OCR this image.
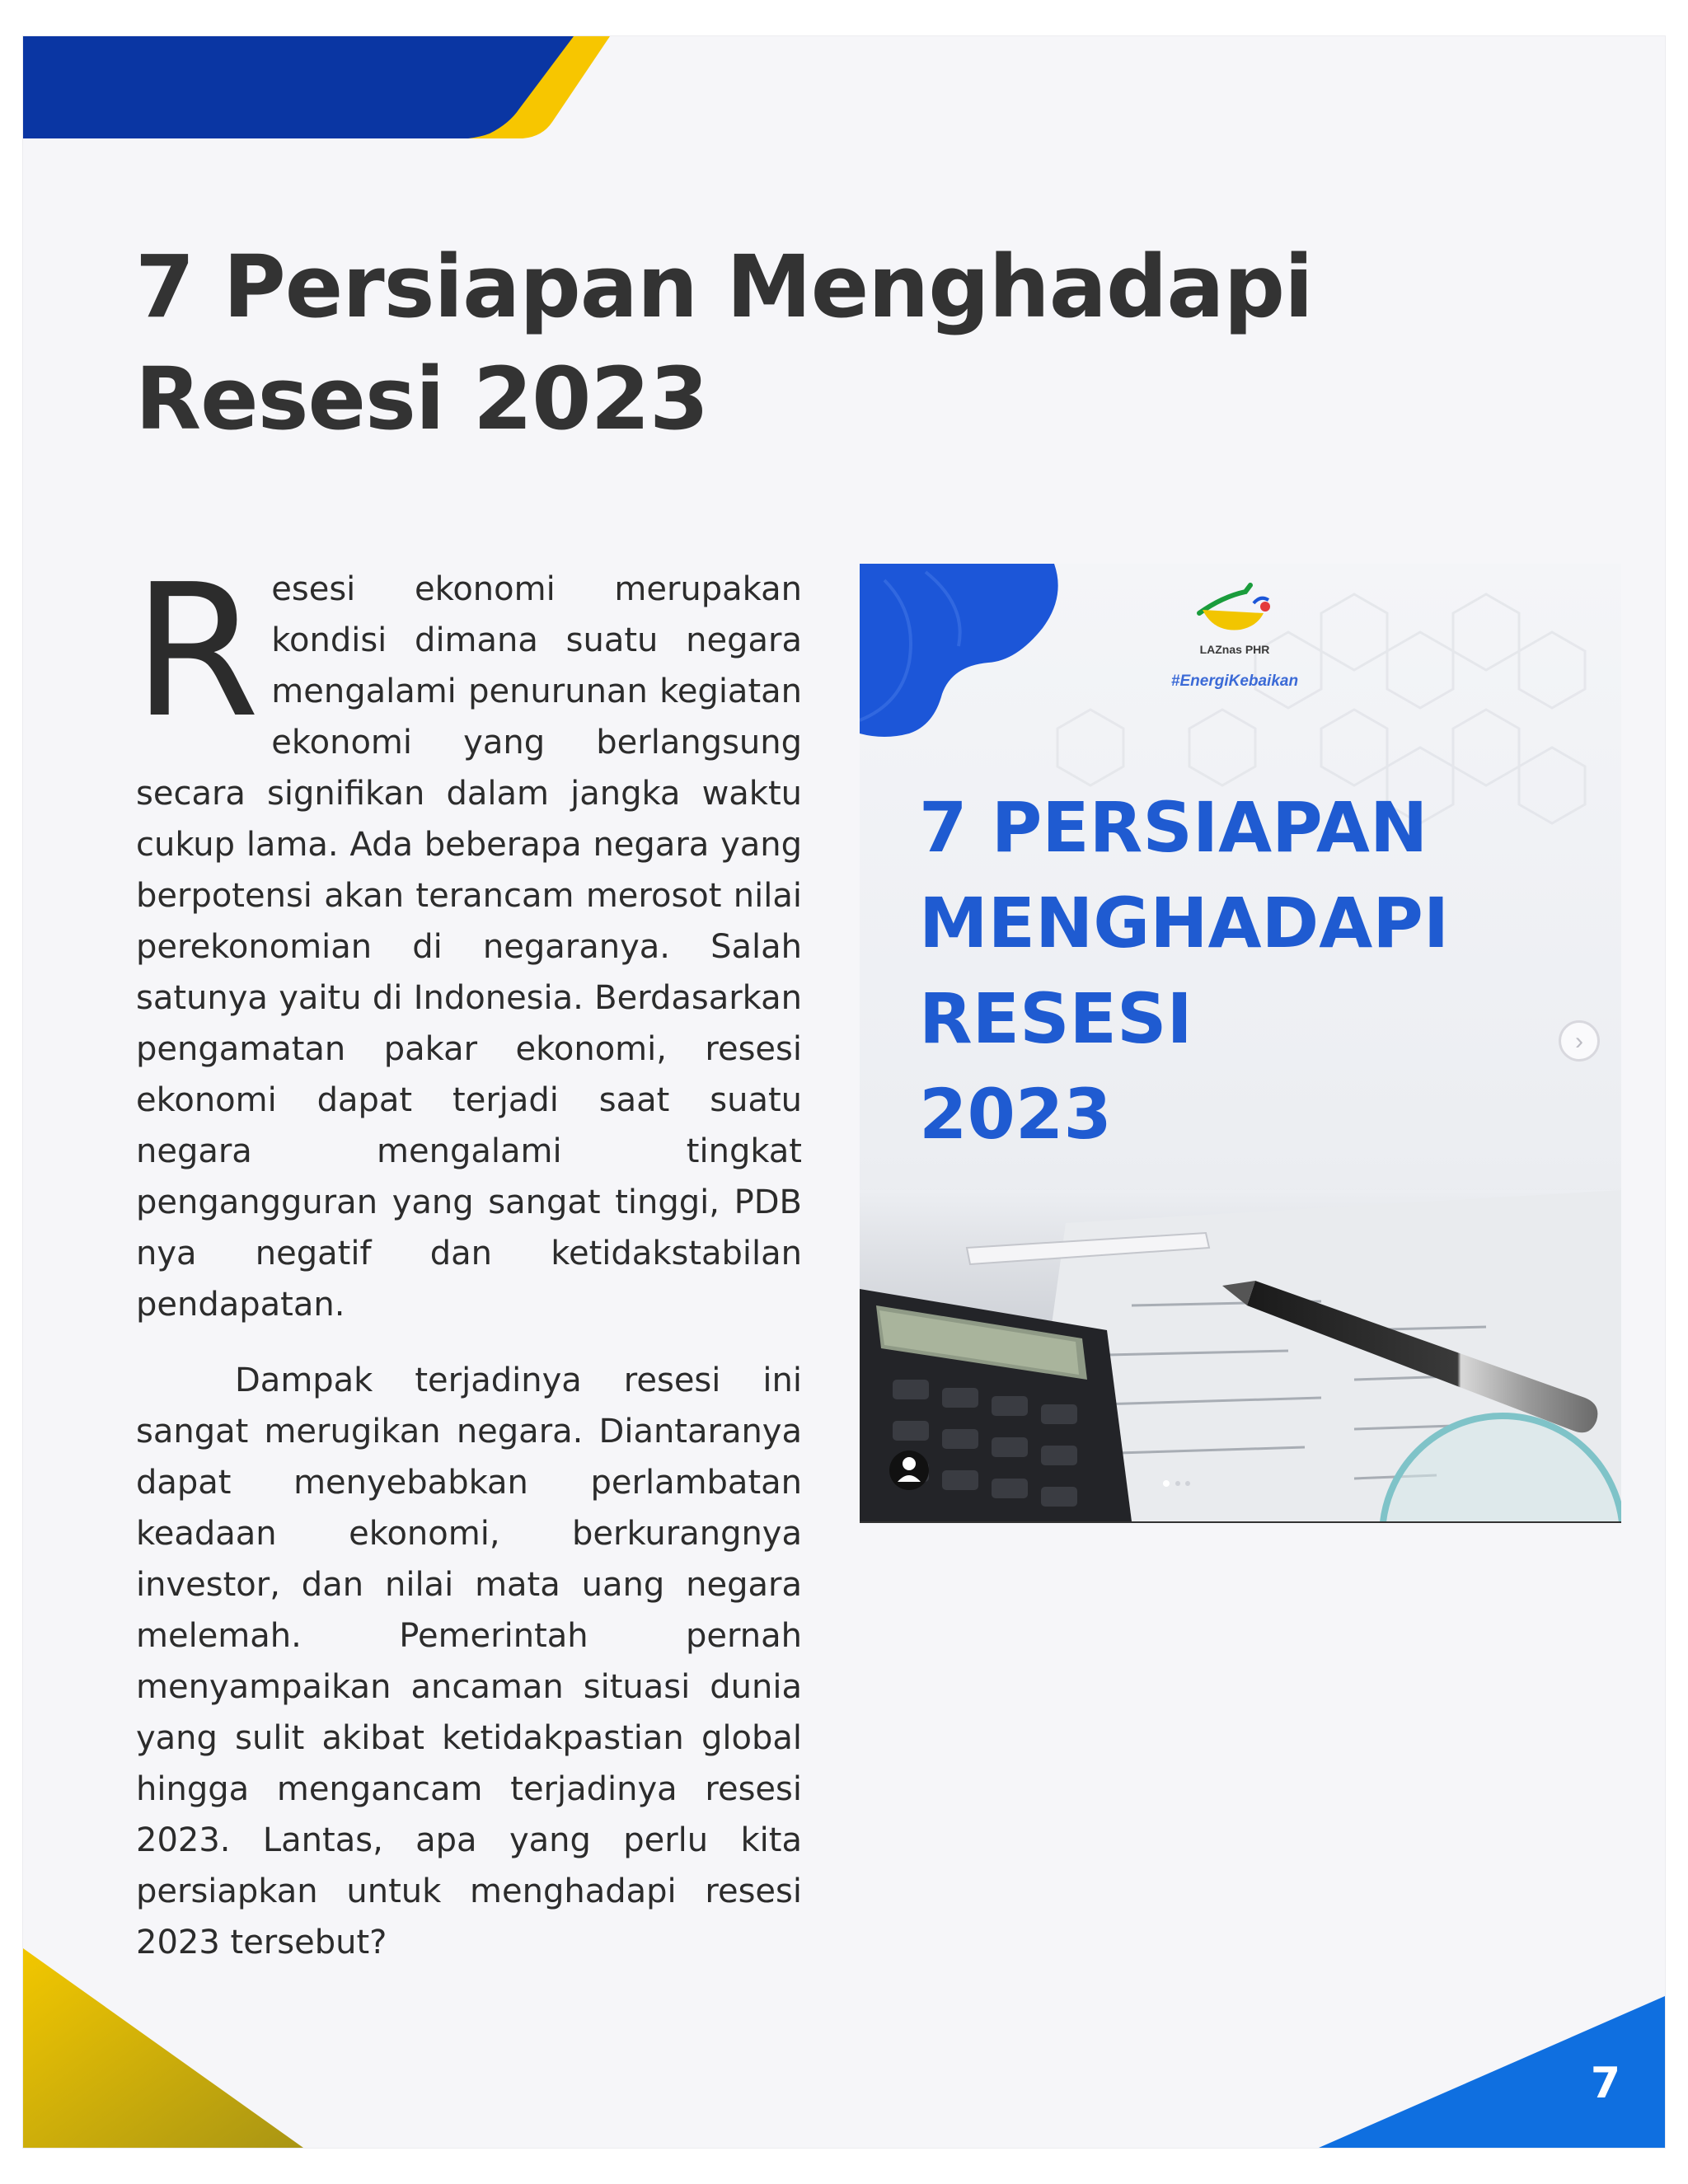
7 Persiapan Menghadapi
Resesi 2023

Resesi ekonomi merupakan kondisi dimana suatu negara mengalami penurunan kegiatan ekonomi yang berlangsung secara signifikan dalam jangka waktu cukup lama. Ada beberapa negara yang berpotensi akan terancam merosot nilai perekonomian di negaranya. Salah satunya yaitu di Indonesia. Berdasarkan pengamatan pakar ekonomi, resesi ekonomi dapat terjadi saat suatu negara mengalami tingkat pengangguran yang sangat tinggi, PDB nya negatif dan ketidakstabilan pendapatan.

Dampak terjadinya resesi ini sangat merugikan negara. Diantaranya dapat menyebabkan perlambatan keadaan ekonomi, berkurangnya investor, dan nilai mata uang negara melemah. Pemerintah pernah menyampaikan ancaman situasi dunia yang sulit akibat ketidakpastian global hingga mengancam terjadinya resesi 2023. Lantas, apa yang perlu kita persiapkan untuk menghadapi resesi 2023 tersebut?

LAZnas PHR
#EnergiKebaikan
7 PERSIAPAN
MENGHADAPI
RESESI
2023
›
7
